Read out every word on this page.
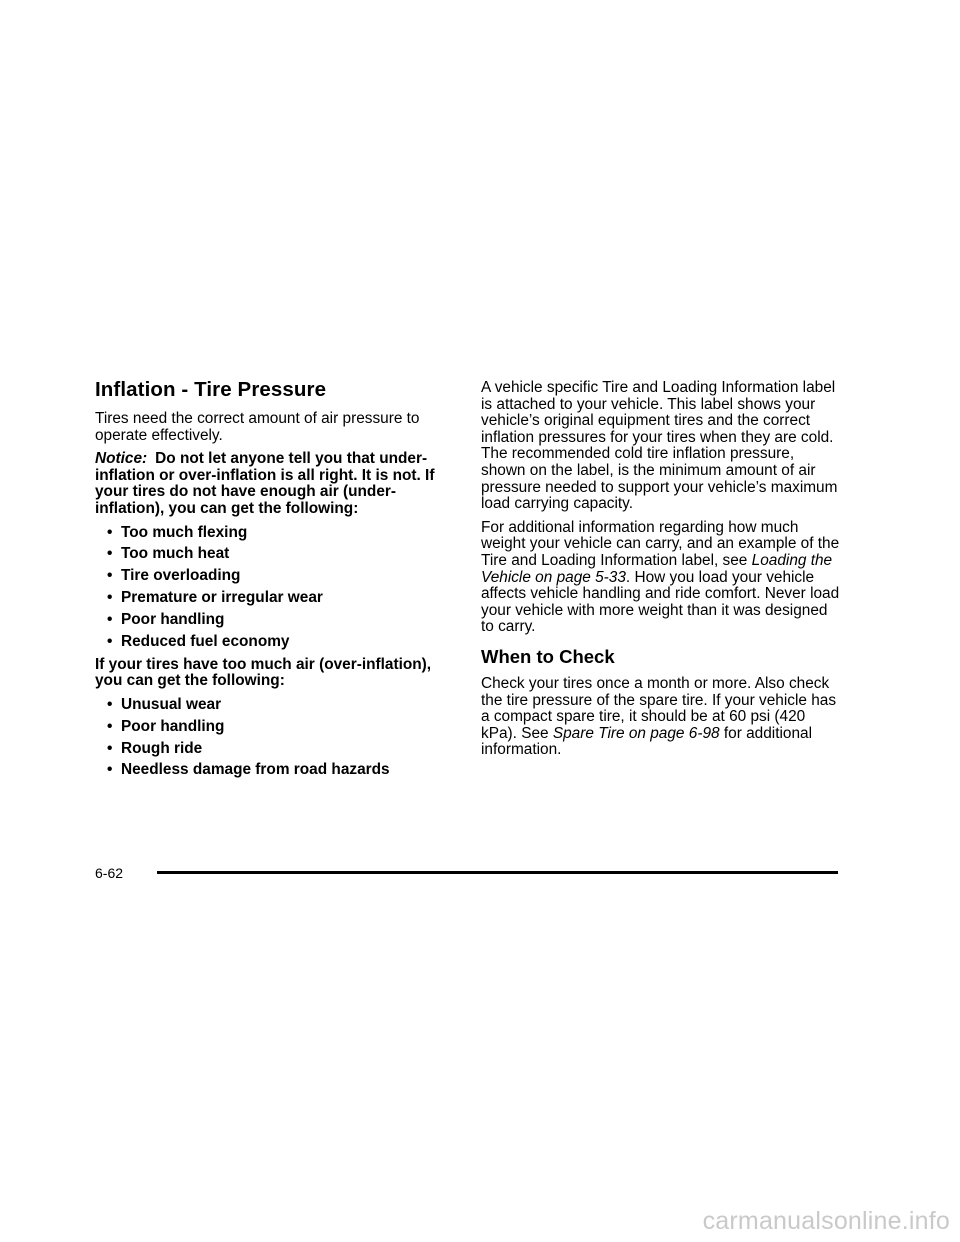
Inflation - Tire Pressure

Tires need the correct amount of air pressure to operate effectively.

Notice: Do not let anyone tell you that under-inflation or over-inflation is all right. It is not. If your tires do not have enough air (under-inflation), you can get the following:

• Too much flexing
• Too much heat
• Tire overloading
• Premature or irregular wear
• Poor handling
• Reduced fuel economy

If your tires have too much air (over-inflation), you can get the following:

• Unusual wear
• Poor handling
• Rough ride
• Needless damage from road hazards

A vehicle specific Tire and Loading Information label is attached to your vehicle. This label shows your vehicle’s original equipment tires and the correct inflation pressures for your tires when they are cold. The recommended cold tire inflation pressure, shown on the label, is the minimum amount of air pressure needed to support your vehicle’s maximum load carrying capacity.

For additional information regarding how much weight your vehicle can carry, and an example of the Tire and Loading Information label, see Loading the Vehicle on page 5-33. How you load your vehicle affects vehicle handling and ride comfort. Never load your vehicle with more weight than it was designed to carry.

When to Check

Check your tires once a month or more. Also check the tire pressure of the spare tire. If your vehicle has a compact spare tire, it should be at 60 psi (420 kPa). See Spare Tire on page 6-98 for additional information.

6-62
carmanualsonline.info
